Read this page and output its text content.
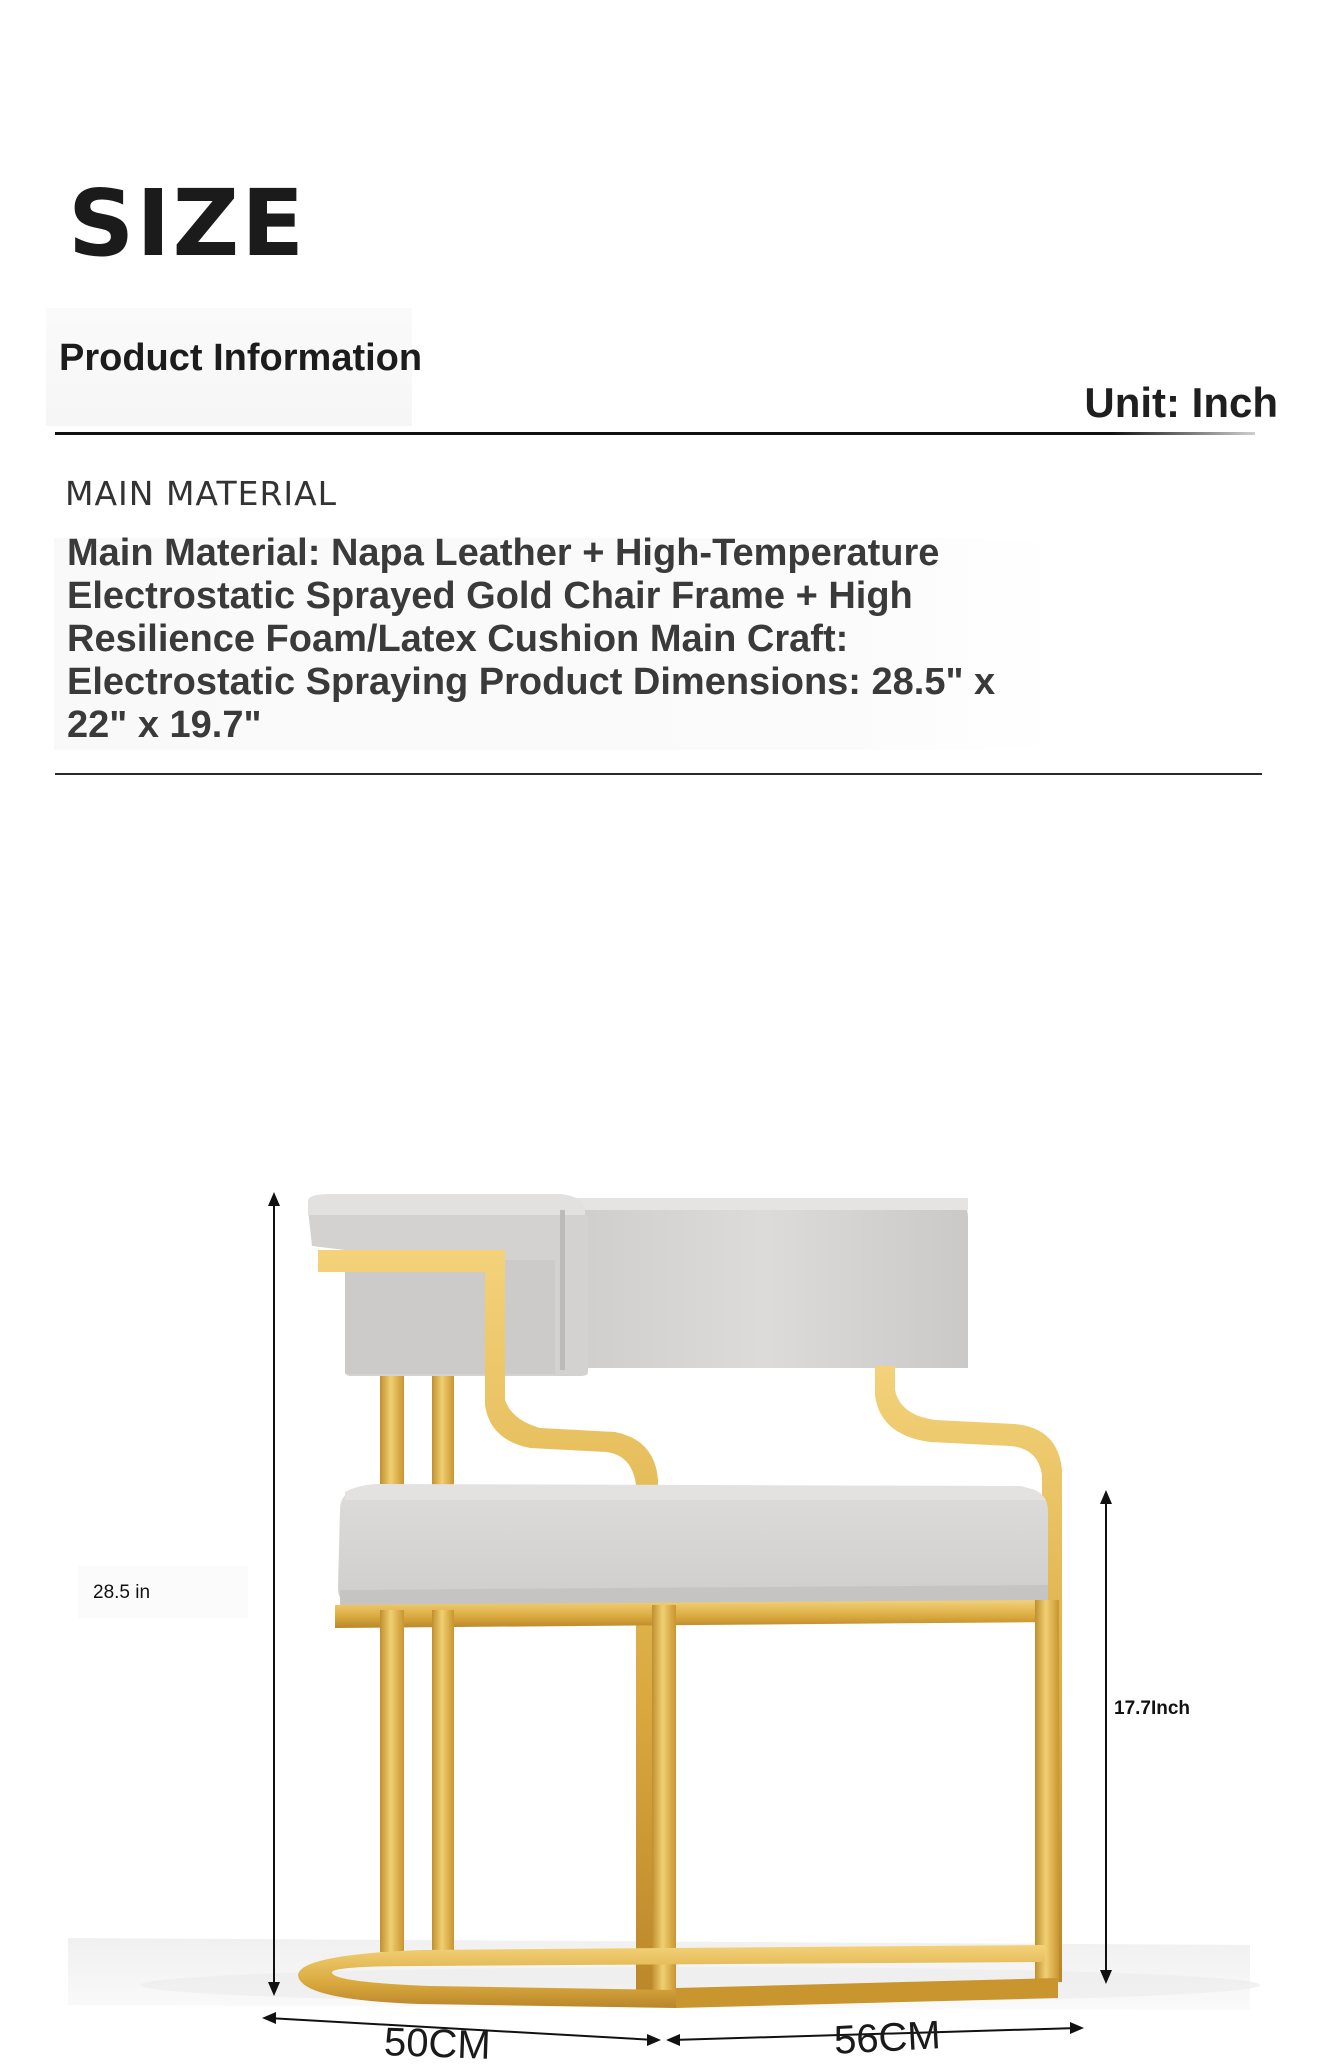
SIZE
Product Information
Unit: Inch
MAIN MATERIAL
Main Material: Napa Leather + High-Temperature Electrostatic Sprayed Gold Chair Frame + High Resilience Foam/Latex Cushion Main Craft: Electrostatic Spraying Product Dimensions: 28.5" x 22" x 19.7"
28.5 in
17.7Inch
50CM	56CM
